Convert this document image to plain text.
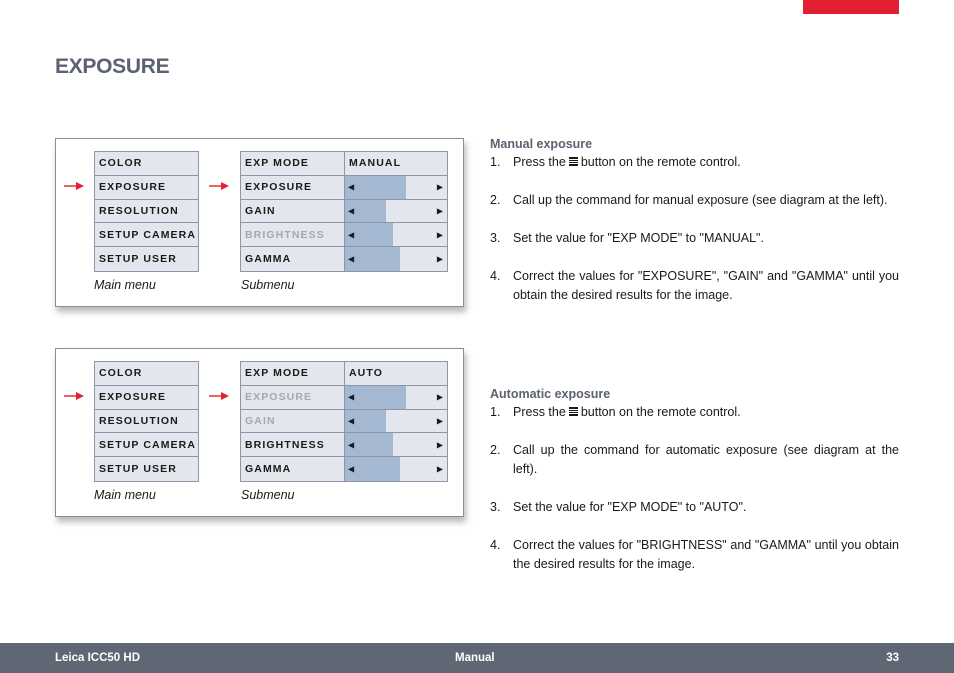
EXPOSURE
COLOR
EXPOSURE
RESOLUTION
SETUP CAMERA
SETUP USER
EXP MODE	MANUAL
EXPOSURE	◀	▶
GAIN	◀	▶
BRIGHTNESS	◀	▶
GAMMA	◀	▶
Main menu	Submenu
COLOR
EXPOSURE
RESOLUTION
SETUP CAMERA
SETUP USER
EXP MODE	AUTO
EXPOSURE	◀	▶
GAIN	◀	▶
BRIGHTNESS	◀	▶
GAMMA	◀	▶
Main menu	Submenu
Manual exposure
1.	Press the button on the remote control.
2.	Call up the command for manual exposure (see diagram at the left).
3.	Set the value for "EXP MODE" to "MANUAL".
4.	Correct the values for "EXPOSURE", "GAIN" and "GAMMA" until you obtain the desired results for the image.
Automatic exposure
1.	Press the button on the remote control.
2.	Call up the command for automatic exposure (see diagram at the left).
3.	Set the value for "EXP MODE" to "AUTO".
4.	Correct the values for "BRIGHTNESS" and "GAMMA" until you obtain the desired results for the image.
Leica ICC50 HD	Manual	33
